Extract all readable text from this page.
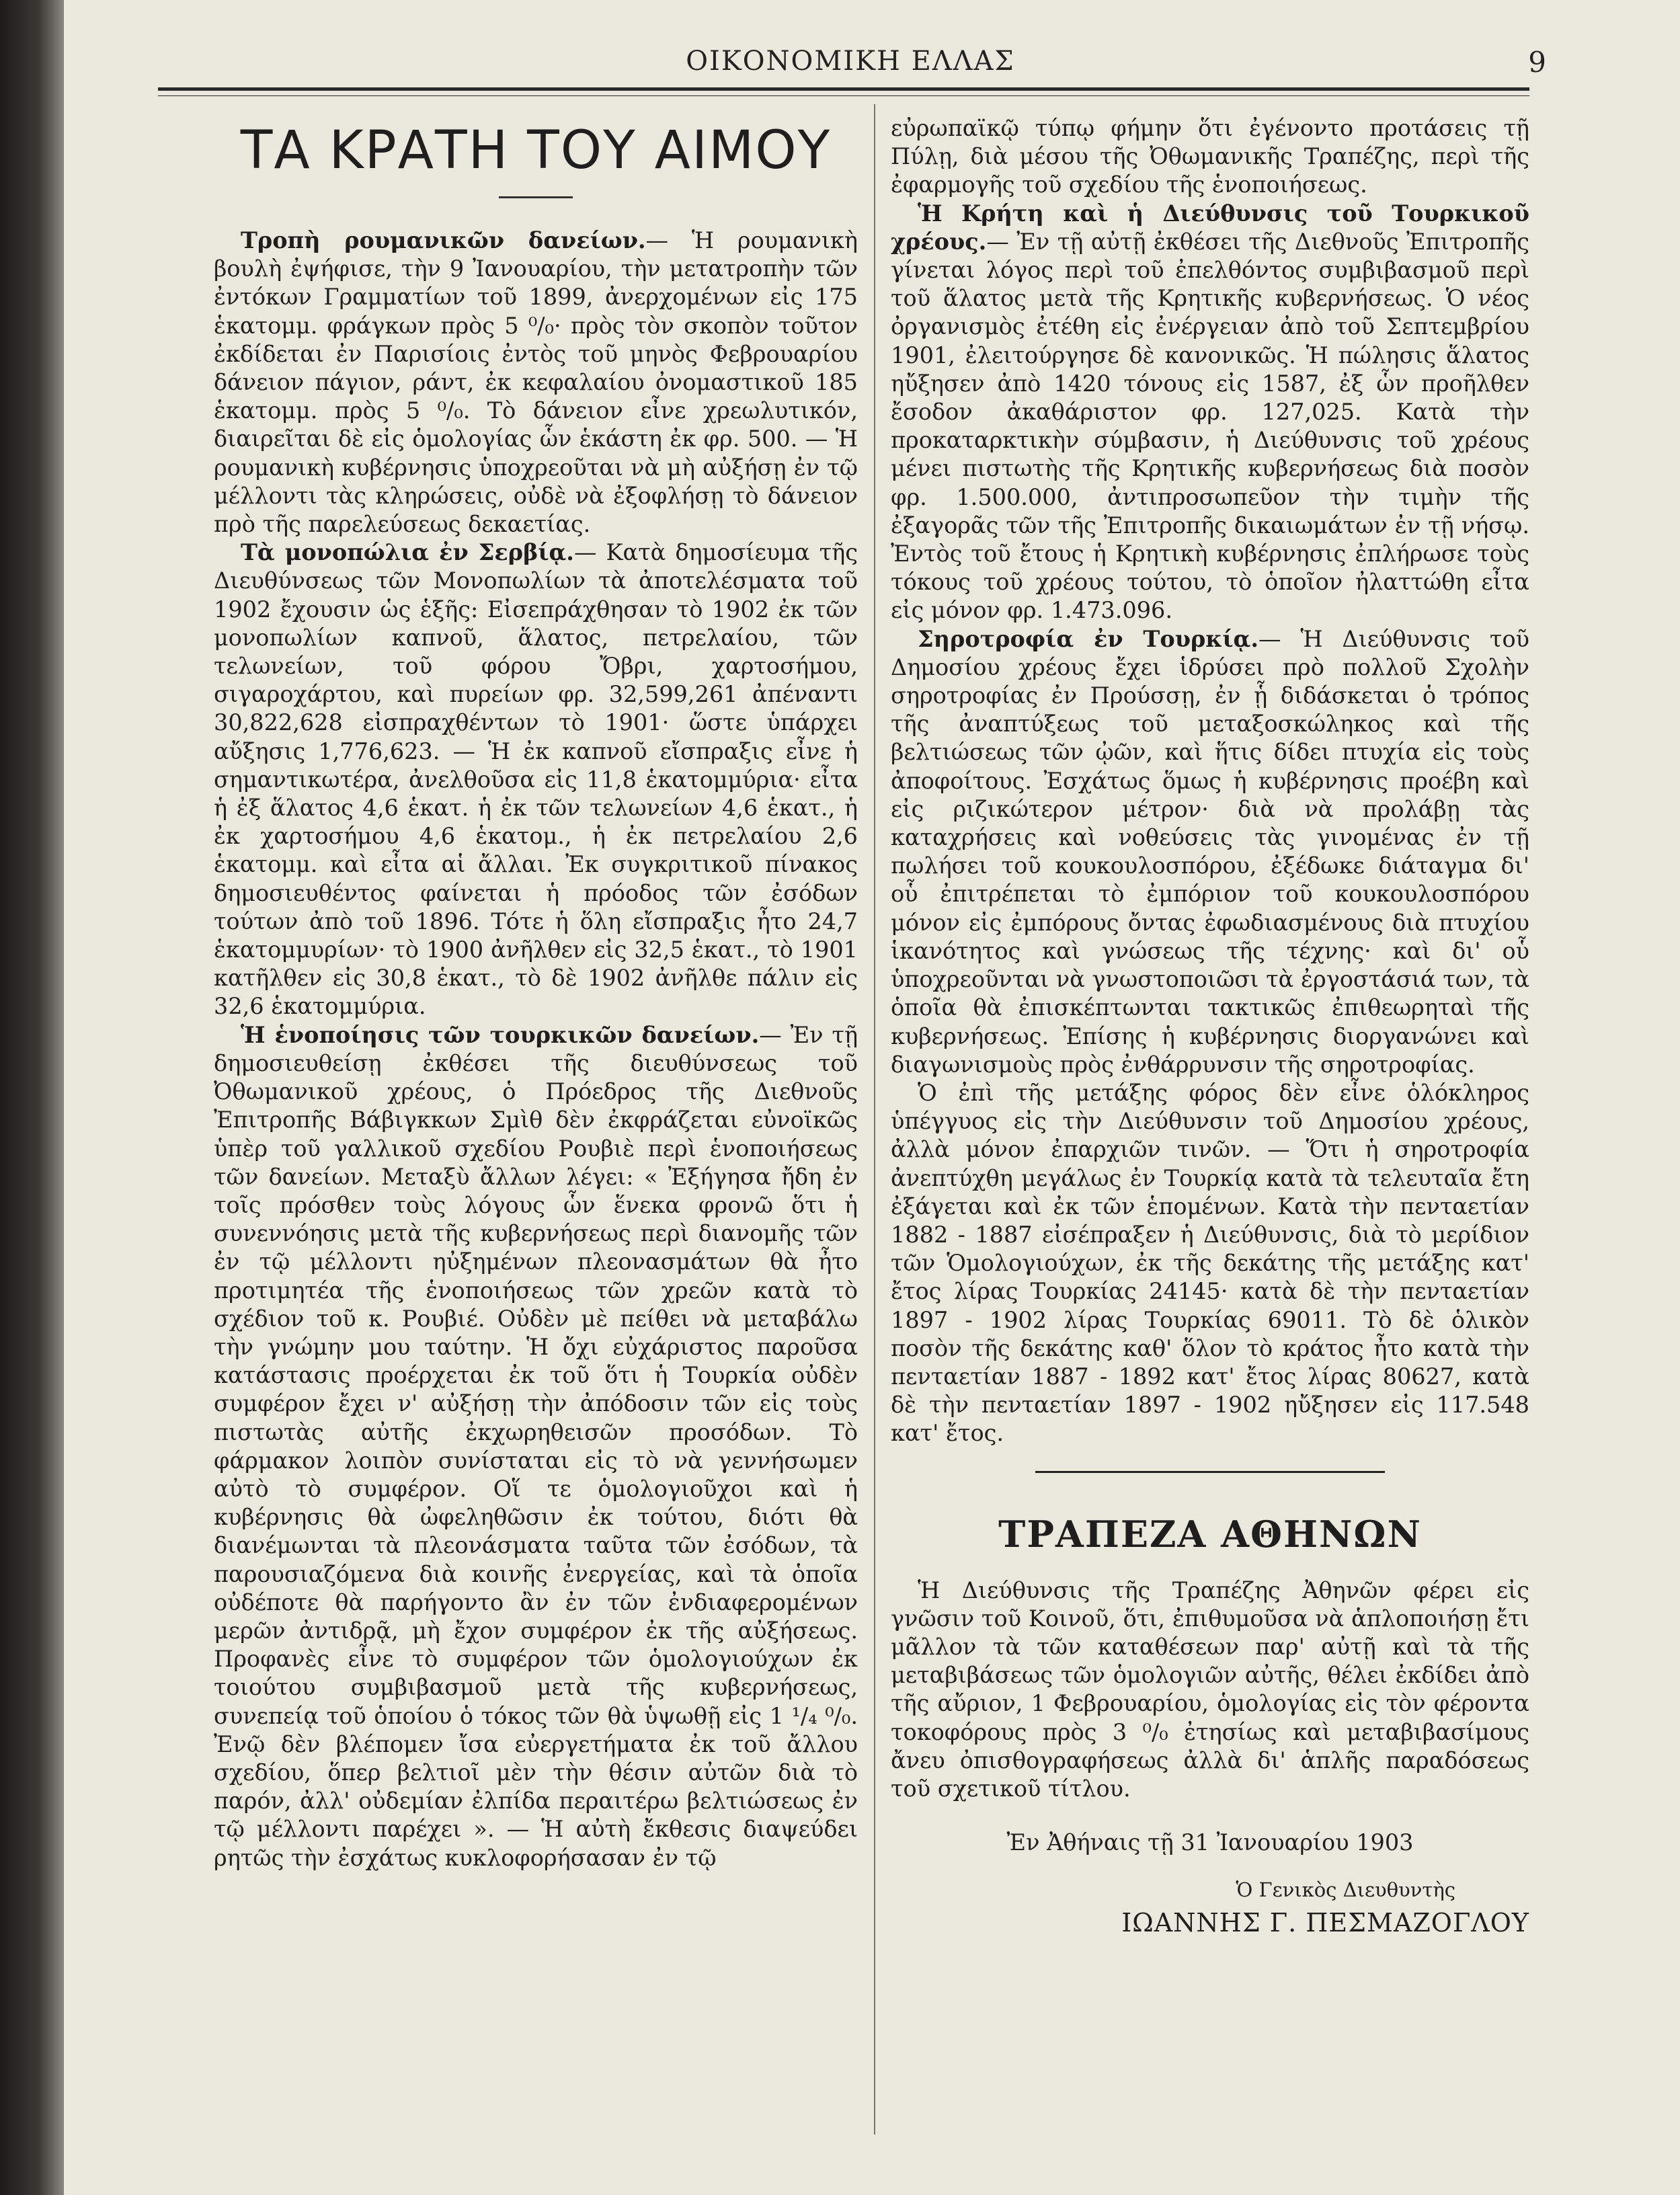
ΟΙΚΟΝΟΜΙΚΗ ΕΛΛΑΣ	9
ΤΑ ΚΡΑΤΗ ΤΟΥ ΑΙΜΟΥ

Τροπὴ ρουμανικῶν δανείων.— Ἡ ρουμανικὴ βουλὴ ἐψήφισε, τὴν 9 Ἰανουαρίου, τὴν μετατροπὴν τῶν ἐντόκων Γραμματίων τοῦ 1899, ἀνερχομένων εἰς 175 ἑκατομμ. φράγκων πρὸς 5 ⁰/₀· πρὸς τὸν σκοπὸν τοῦτον ἐκδίδεται ἐν Παρισίοις ἐντὸς τοῦ μηνὸς Φεβρουαρίου δάνειον πάγιον, ράντ, ἐκ κεφαλαίου ὀνομαστικοῦ 185 ἑκατομμ. πρὸς 5 ⁰/₀. Τὸ δάνειον εἶνε χρεωλυτικόν, διαιρεῖται δὲ εἰς ὁμολογίας ὧν ἑκάστη ἐκ φρ. 500. — Ἡ ρουμανικὴ κυβέρνησις ὑποχρεοῦται νὰ μὴ αὐξήσῃ ἐν τῷ μέλλοντι τὰς κληρώσεις, οὐδὲ νὰ ἐξοφλήσῃ τὸ δάνειον πρὸ τῆς παρελεύσεως δεκαετίας.

Τὰ μονοπώλια ἐν Σερβίᾳ.— Κατὰ δημοσίευμα τῆς Διευθύνσεως τῶν Μονοπωλίων τὰ ἀποτελέσματα τοῦ 1902 ἔχουσιν ὡς ἑξῆς: Εἰσεπράχθησαν τὸ 1902 ἐκ τῶν μονοπωλίων καπνοῦ, ἅλατος, πετρελαίου, τῶν τελωνείων, τοῦ φόρου Ὄβρι, χαρτοσήμου, σιγαροχάρτου, καὶ πυρείων φρ. 32,599,261 ἀπέναντι 30,822,628 εἰσπραχθέντων τὸ 1901· ὥστε ὑπάρχει αὔξησις 1,776,623. — Ἡ ἐκ καπνοῦ εἴσπραξις εἶνε ἡ σημαντικωτέρα, ἀνελθοῦσα εἰς 11,8 ἑκατομμύρια· εἶτα ἡ ἐξ ἅλατος 4,6 ἑκατ. ἡ ἐκ τῶν τελωνείων 4,6 ἑκατ., ἡ ἐκ χαρτοσήμου 4,6 ἑκατομ., ἡ ἐκ πετρελαίου 2,6 ἑκατομμ. καὶ εἶτα αἱ ἄλλαι. Ἐκ συγκριτικοῦ πίνακος δημοσιευθέντος φαίνεται ἡ πρόοδος τῶν ἐσόδων τούτων ἀπὸ τοῦ 1896. Τότε ἡ ὅλη εἴσπραξις ἦτο 24,7 ἑκατομμυρίων· τὸ 1900 ἀνῆλθεν εἰς 32,5 ἑκατ., τὸ 1901 κατῆλθεν εἰς 30,8 ἑκατ., τὸ δὲ 1902 ἀνῆλθε πάλιν εἰς 32,6 ἑκατομμύρια.

Ἡ ἑνοποίησις τῶν τουρκικῶν δανείων.— Ἐν τῇ δημοσιευθείσῃ ἐκθέσει τῆς διευθύνσεως τοῦ Ὀθωμανικοῦ χρέους, ὁ Πρόεδρος τῆς Διεθνοῦς Ἐπιτροπῆς Βάβιγκκων Σμὶθ δὲν ἐκφράζεται εὐνοϊκῶς ὑπὲρ τοῦ γαλλικοῦ σχεδίου Ρουβιὲ περὶ ἑνοποιήσεως τῶν δανείων. Μεταξὺ ἄλλων λέγει: « Ἐξήγησα ἤδη ἐν τοῖς πρόσθεν τοὺς λόγους ὧν ἕνεκα φρονῶ ὅτι ἡ συνεννόησις μετὰ τῆς κυβερνήσεως περὶ διανομῆς τῶν ἐν τῷ μέλλοντι ηὐξημένων πλεονασμάτων θὰ ἦτο προτιμητέα τῆς ἑνοποιήσεως τῶν χρεῶν κατὰ τὸ σχέδιον τοῦ κ. Ρουβιέ. Οὐδὲν μὲ πείθει νὰ μεταβάλω τὴν γνώμην μου ταύτην. Ἡ ὄχι εὐχάριστος παροῦσα κατάστασις προέρχεται ἐκ τοῦ ὅτι ἡ Τουρκία οὐδὲν συμφέρον ἔχει ν' αὐξήσῃ τὴν ἀπόδοσιν τῶν εἰς τοὺς πιστωτὰς αὐτῆς ἐκχωρηθεισῶν προσόδων. Τὸ φάρμακον λοιπὸν συνίσταται εἰς τὸ νὰ γεννήσωμεν αὐτὸ τὸ συμφέρον. Οἵ τε ὁμολογιοῦχοι καὶ ἡ κυβέρνησις θὰ ὠφεληθῶσιν ἐκ τούτου, διότι θὰ διανέμωνται τὰ πλεονάσματα ταῦτα τῶν ἐσόδων, τὰ παρουσιαζόμενα διὰ κοινῆς ἐνεργείας, καὶ τὰ ὁποῖα οὐδέποτε θὰ παρήγοντο ἂν ἐν τῶν ἐνδιαφερομένων μερῶν ἀντιδρᾷ, μὴ ἔχον συμφέρον ἐκ τῆς αὐξήσεως. Προφανὲς εἶνε τὸ συμφέρον τῶν ὁμολογιούχων ἐκ τοιούτου συμβιβασμοῦ μετὰ τῆς κυβερνήσεως, συνεπείᾳ τοῦ ὁποίου ὁ τόκος τῶν θὰ ὑψωθῇ εἰς 1 ¹/₄ ⁰/₀. Ἐνῷ δὲν βλέπομεν ἴσα εὐεργετήματα ἐκ τοῦ ἄλλου σχεδίου, ὅπερ βελτιοῖ μὲν τὴν θέσιν αὐτῶν διὰ τὸ παρόν, ἀλλ' οὐδεμίαν ἐλπίδα περαιτέρω βελτιώσεως ἐν τῷ μέλλοντι παρέχει ». — Ἡ αὐτὴ ἔκθεσις διαψεύδει ρητῶς τὴν ἐσχάτως κυκλοφορήσασαν ἐν τῷ

εὐρωπαϊκῷ τύπῳ φήμην ὅτι ἐγένοντο προτάσεις τῇ Πύλῃ, διὰ μέσου τῆς Ὀθωμανικῆς Τραπέζης, περὶ τῆς ἐφαρμογῆς τοῦ σχεδίου τῆς ἑνοποιήσεως.

Ἡ Κρήτη καὶ ἡ Διεύθυνσις τοῦ Τουρκικοῦ χρέους.— Ἐν τῇ αὐτῇ ἐκθέσει τῆς Διεθνοῦς Ἐπιτροπῆς γίνεται λόγος περὶ τοῦ ἐπελθόντος συμβιβασμοῦ περὶ τοῦ ἅλατος μετὰ τῆς Κρητικῆς κυβερνήσεως. Ὁ νέος ὀργανισμὸς ἐτέθη εἰς ἐνέργειαν ἀπὸ τοῦ Σεπτεμβρίου 1901, ἐλειτούργησε δὲ κανονικῶς. Ἡ πώλησις ἅλατος ηὔξησεν ἀπὸ 1420 τόνους εἰς 1587, ἐξ ὧν προῆλθεν ἔσοδον ἀκαθάριστον φρ. 127,025. Κατὰ τὴν προκαταρκτικὴν σύμβασιν, ἡ Διεύθυνσις τοῦ χρέους μένει πιστωτὴς τῆς Κρητικῆς κυβερνήσεως διὰ ποσὸν φρ. 1.500.000, ἀντιπροσωπεῦον τὴν τιμὴν τῆς ἐξαγορᾶς τῶν τῆς Ἐπιτροπῆς δικαιωμάτων ἐν τῇ νήσῳ. Ἐντὸς τοῦ ἔτους ἡ Κρητικὴ κυβέρνησις ἐπλήρωσε τοὺς τόκους τοῦ χρέους τούτου, τὸ ὁποῖον ἠλαττώθη εἶτα εἰς μόνον φρ. 1.473.096.

Σηροτροφία ἐν Τουρκίᾳ.— Ἡ Διεύθυνσις τοῦ Δημοσίου χρέους ἔχει ἱδρύσει πρὸ πολλοῦ Σχολὴν σηροτροφίας ἐν Προύσσῃ, ἐν ᾗ διδάσκεται ὁ τρόπος τῆς ἀναπτύξεως τοῦ μεταξοσκώληκος καὶ τῆς βελτιώσεως τῶν ᾠῶν, καὶ ἥτις δίδει πτυχία εἰς τοὺς ἀποφοίτους. Ἐσχάτως ὅμως ἡ κυβέρνησις προέβη καὶ εἰς ριζικώτερον μέτρον· διὰ νὰ προλάβῃ τὰς καταχρήσεις καὶ νοθεύσεις τὰς γινομένας ἐν τῇ πωλήσει τοῦ κουκουλοσπόρου, ἐξέδωκε διάταγμα δι' οὗ ἐπιτρέπεται τὸ ἐμπόριον τοῦ κουκουλοσπόρου μόνον εἰς ἐμπόρους ὄντας ἐφωδιασμένους διὰ πτυχίου ἱκανότητος καὶ γνώσεως τῆς τέχνης· καὶ δι' οὗ ὑποχρεοῦνται νὰ γνωστοποιῶσι τὰ ἐργοστάσιά των, τὰ ὁποῖα θὰ ἐπισκέπτωνται τακτικῶς ἐπιθεωρηταὶ τῆς κυβερνήσεως. Ἐπίσης ἡ κυβέρνησις διοργανώνει καὶ διαγωνισμοὺς πρὸς ἐνθάρρυνσιν τῆς σηροτροφίας.

Ὁ ἐπὶ τῆς μετάξης φόρος δὲν εἶνε ὁλόκληρος ὑπέγγυος εἰς τὴν Διεύθυνσιν τοῦ Δημοσίου χρέους, ἀλλὰ μόνον ἐπαρχιῶν τινῶν. — Ὅτι ἡ σηροτροφία ἀνεπτύχθη μεγάλως ἐν Τουρκίᾳ κατὰ τὰ τελευταῖα ἔτη ἐξάγεται καὶ ἐκ τῶν ἑπομένων. Κατὰ τὴν πενταετίαν 1882 - 1887 εἰσέπραξεν ἡ Διεύθυνσις, διὰ τὸ μερίδιον τῶν Ὁμολογιούχων, ἐκ τῆς δεκάτης τῆς μετάξης κατ' ἔτος λίρας Τουρκίας 24145· κατὰ δὲ τὴν πενταετίαν 1897 - 1902 λίρας Τουρκίας 69011. Τὸ δὲ ὁλικὸν ποσὸν τῆς δεκάτης καθ' ὅλον τὸ κράτος ἦτο κατὰ τὴν πενταετίαν 1887 - 1892 κατ' ἔτος λίρας 80627, κατὰ δὲ τὴν πενταετίαν 1897 - 1902 ηὔξησεν εἰς 117.548 κατ' ἔτος.

ΤΡΑΠΕΖΑ ΑΘΗΝΩΝ

Ἡ Διεύθυνσις τῆς Τραπέζης Ἀθηνῶν φέρει εἰς γνῶσιν τοῦ Κοινοῦ, ὅτι, ἐπιθυμοῦσα νὰ ἁπλοποιήσῃ ἔτι μᾶλλον τὰ τῶν καταθέσεων παρ' αὐτῇ καὶ τὰ τῆς μεταβιβάσεως τῶν ὁμολογιῶν αὐτῆς, θέλει ἐκδίδει ἀπὸ τῆς αὔριον, 1 Φεβρουαρίου, ὁμολογίας εἰς τὸν φέροντα τοκοφόρους πρὸς 3 ⁰/₀ ἐτησίως καὶ μεταβιβασίμους ἄνευ ὀπισθογραφήσεως ἀλλὰ δι' ἁπλῆς παραδόσεως τοῦ σχετικοῦ τίτλου.

Ἐν Ἀθήναις τῇ 31 Ἰανουαρίου 1903
Ὁ Γενικὸς Διευθυντὴς
ΙΩΑΝΝΗΣ Γ. ΠΕΣΜΑΖΟΓΛΟΥ
